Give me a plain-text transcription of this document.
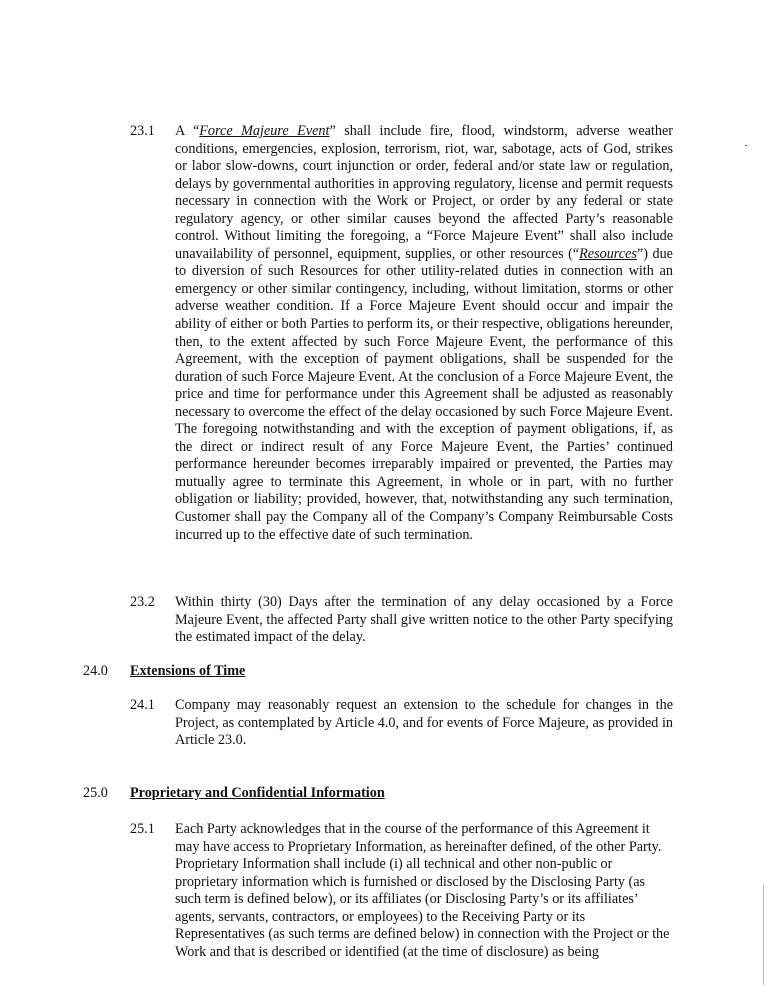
23.1 A “Force Majeure Event” shall include fire, flood, windstorm, adverse weather conditions, emergencies, explosion, terrorism, riot, war, sabotage, acts of God, strikes or labor slow-downs, court injunction or order, federal and/or state law or regulation, delays by governmental authorities in approving regulatory, license and permit requests necessary in connection with the Work or Project, or order by any federal or state regulatory agency, or other similar causes beyond the affected Party’s reasonable control. Without limiting the foregoing, a “Force Majeure Event” shall also include unavailability of personnel, equipment, supplies, or other resources (“Resources”) due to diversion of such Resources for other utility-related duties in connection with an emergency or other similar contingency, including, without limitation, storms or other adverse weather condition. If a Force Majeure Event should occur and impair the ability of either or both Parties to perform its, or their respective, obligations hereunder, then, to the extent affected by such Force Majeure Event, the performance of this Agreement, with the exception of payment obligations, shall be suspended for the duration of such Force Majeure Event. At the conclusion of a Force Majeure Event, the price and time for performance under this Agreement shall be adjusted as reasonably necessary to overcome the effect of the delay occasioned by such Force Majeure Event. The foregoing notwithstanding and with the exception of payment obligations, if, as the direct or indirect result of any Force Majeure Event, the Parties’ continued performance hereunder becomes irreparably impaired or prevented, the Parties may mutually agree to terminate this Agreement, in whole or in part, with no further obligation or liability; provided, however, that, notwithstanding any such termination, Customer shall pay the Company all of the Company’s Company Reimbursable Costs incurred up to the effective date of such termination.

23.2 Within thirty (30) Days after the termination of any delay occasioned by a Force Majeure Event, the affected Party shall give written notice to the other Party specifying the estimated impact of the delay.

24.0 Extensions of Time
24.1 Company may reasonably request an extension to the schedule for changes in the Project, as contemplated by Article 4.0, and for events of Force Majeure, as provided in Article 23.0.

25.0 Proprietary and Confidential Information
25.1 Each Party acknowledges that in the course of the performance of this Agreement it may have access to Proprietary Information, as hereinafter defined, of the other Party. Proprietary Information shall include (i) all technical and other non-public or proprietary information which is furnished or disclosed by the Disclosing Party (as such term is defined below), or its affiliates (or Disclosing Party’s or its affiliates’ agents, servants, contractors, or employees) to the Receiving Party or its Representatives (as such terms are defined below) in connection with the Project or the Work and that is described or identified (at the time of disclosure) as being
